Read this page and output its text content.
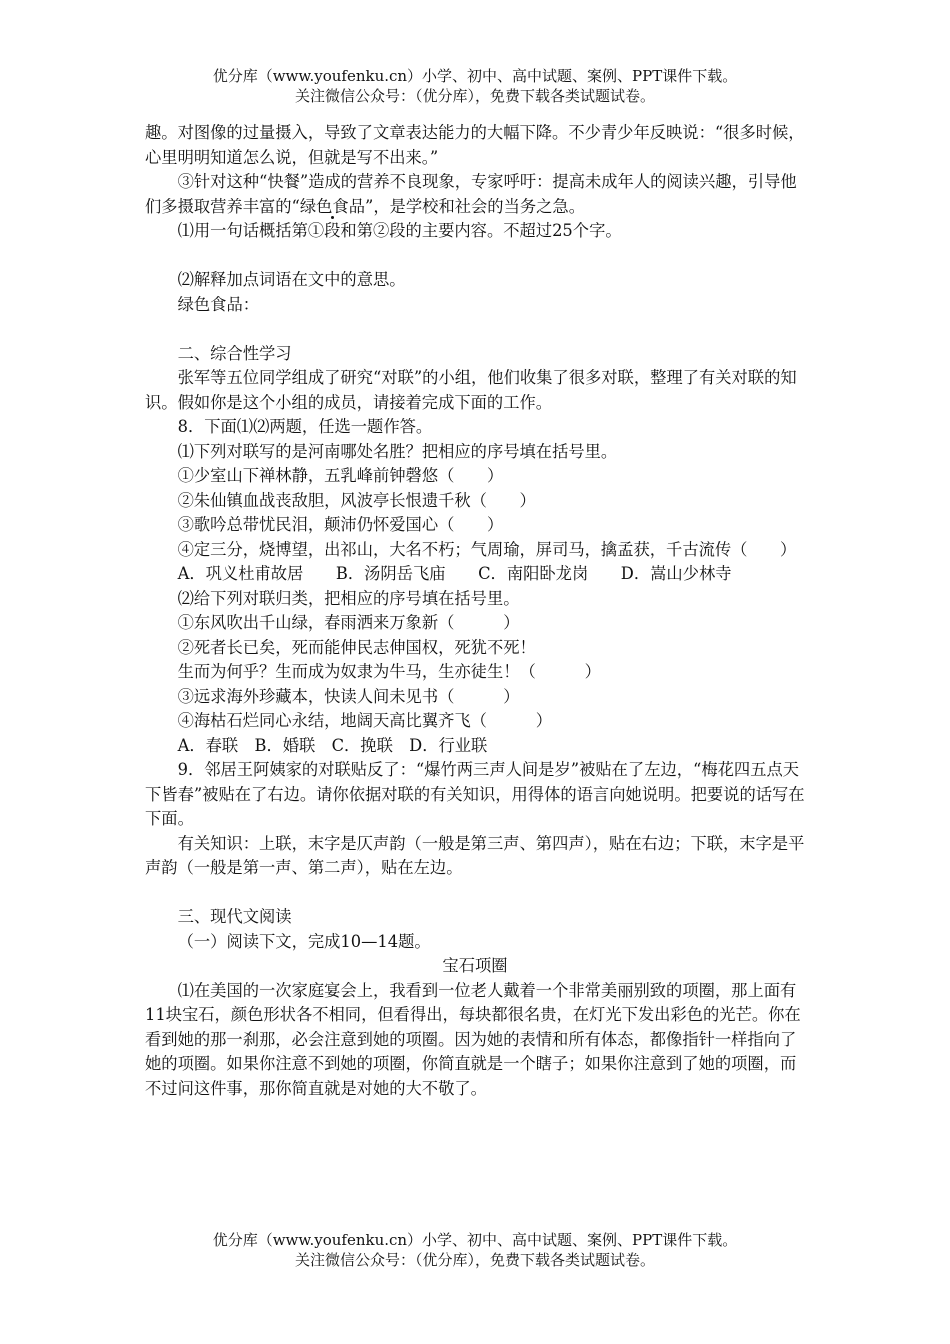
优分库（www.youfenku.cn）小学、初中、高中试题、案例、PPT课件下载。
关注微信公众号：（优分库），免费下载各类试题试卷。

趣。对图像的过量摄入，导致了文章表达能力的大幅下降。不少青少年反映说：“很多时候，心里明明知道怎么说，但就是写不出来。”

③针对这种“快餐”造成的营养不良现象，专家呼吁：提高未成年人的阅读兴趣，引导他们多摄取营养丰富的“绿色食品”，是学校和社会的当务之急。

⑴用一句话概括第①段和第②段的主要内容。不超过25个字。

⑵解释加点词语在文中的意思。

绿色食品：

二、综合性学习

张军等五位同学组成了研究“对联”的小组，他们收集了很多对联，整理了有关对联的知识。假如你是这个小组的成员，请接着完成下面的工作。

8．下面⑴⑵两题，任选一题作答。

⑴下列对联写的是河南哪处名胜？把相应的序号填在括号里。

①少室山下禅林静，五乳峰前钟磬悠（　　）

②朱仙镇血战丧敌胆，风波亭长恨遗千秋（　　）

③歌吟总带忧民泪，颠沛仍怀爱国心（　　）

④定三分，烧博望，出祁山，大名不朽；气周瑜，屏司马，擒孟获，千古流传（　　）

A．巩义杜甫故居　　B．汤阴岳飞庙　　C．南阳卧龙岗　　D．嵩山少林寺

⑵给下列对联归类，把相应的序号填在括号里。

①东风吹出千山绿，春雨洒来万象新（　　　）

②死者长已矣，死而能伸民志伸国权，死犹不死！

生而为何乎？生而成为奴隶为牛马，生亦徒生！（　　　）

③远求海外珍藏本，快读人间未见书（　　　）

④海枯石烂同心永结，地阔天高比翼齐飞（　　　）

A．春联　B．婚联　C．挽联　D．行业联

9．邻居王阿姨家的对联贴反了：“爆竹两三声人间是岁”被贴在了左边，“梅花四五点天下皆春”被贴在了右边。请你依据对联的有关知识，用得体的语言向她说明。把要说的话写在下面。

有关知识：上联，末字是仄声韵（一般是第三声、第四声），贴在右边；下联，末字是平声韵（一般是第一声、第二声），贴在左边。

三、现代文阅读

（一）阅读下文，完成10—14题。

宝石项圈

⑴在美国的一次家庭宴会上，我看到一位老人戴着一个非常美丽别致的项圈，那上面有11块宝石，颜色形状各不相同，但看得出，每块都很名贵，在灯光下发出彩色的光芒。你在看到她的那一刹那，必会注意到她的项圈。因为她的表情和所有体态，都像指针一样指向了她的项圈。如果你注意不到她的项圈，你简直就是一个瞎子；如果你注意到了她的项圈，而不过问这件事，那你简直就是对她的大不敬了。

优分库（www.youfenku.cn）小学、初中、高中试题、案例、PPT课件下载。
关注微信公众号：（优分库），免费下载各类试题试卷。
